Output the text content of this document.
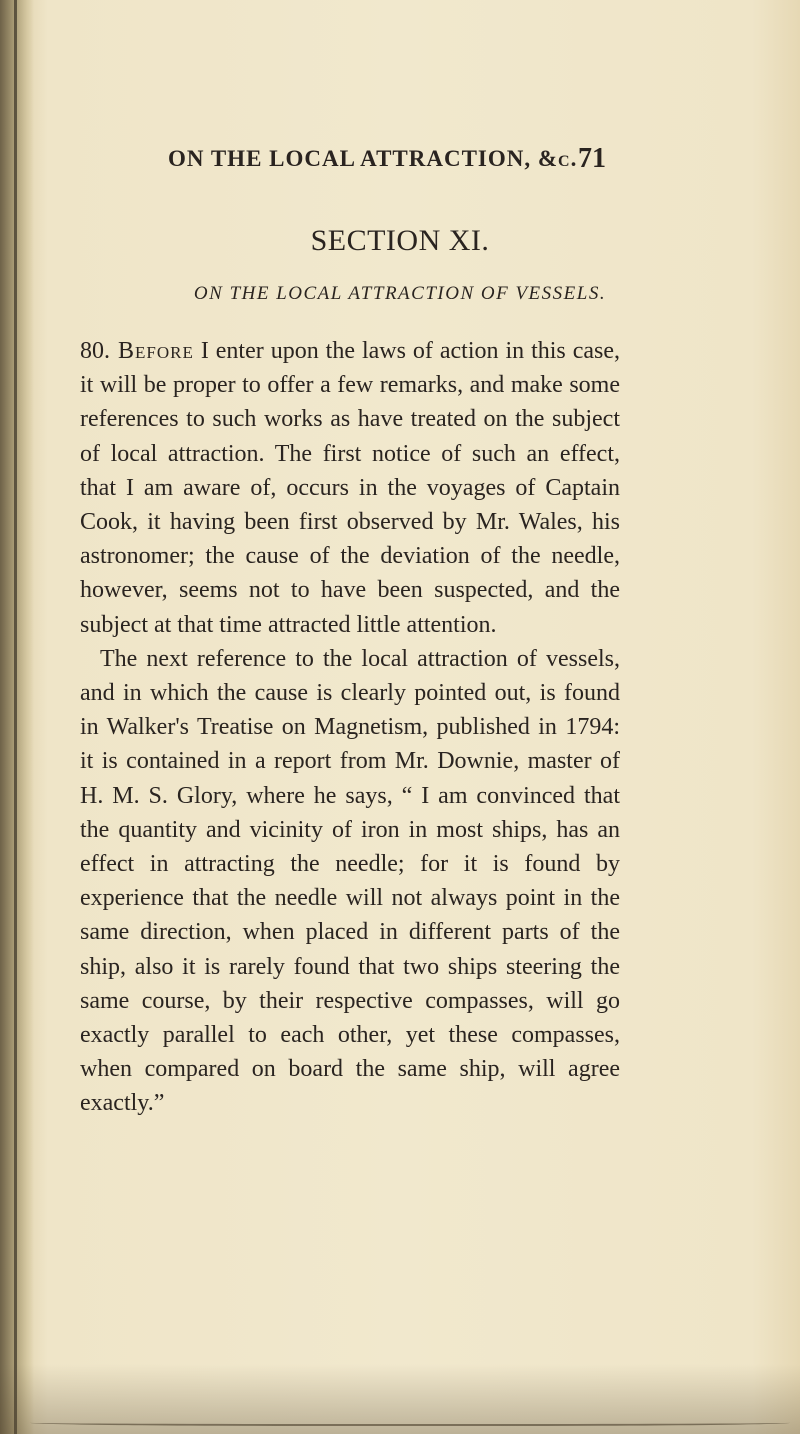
ON THE LOCAL ATTRACTION, &c. 71
SECTION XI.
ON THE LOCAL ATTRACTION OF VESSELS.

80. Before I enter upon the laws of action in this case, it will be proper to offer a few remarks, and make some references to such works as have treated on the subject of local attraction. The first notice of such an effect, that I am aware of, occurs in the voyages of Captain Cook, it having been first observed by Mr. Wales, his astronomer; the cause of the deviation of the needle, however, seems not to have been suspected, and the subject at that time attracted little attention.

The next reference to the local attraction of vessels, and in which the cause is clearly pointed out, is found in Walker's Treatise on Magnetism, published in 1794: it is contained in a report from Mr. Downie, master of H. M. S. Glory, where he says, “ I am convinced that the quantity and vicinity of iron in most ships, has an effect in attracting the needle; for it is found by experience that the needle will not always point in the same direction, when placed in different parts of the ship, also it is rarely found that two ships steering the same course, by their respective compasses, will go exactly parallel to each other, yet these compasses, when compared on board the same ship, will agree exactly.”
